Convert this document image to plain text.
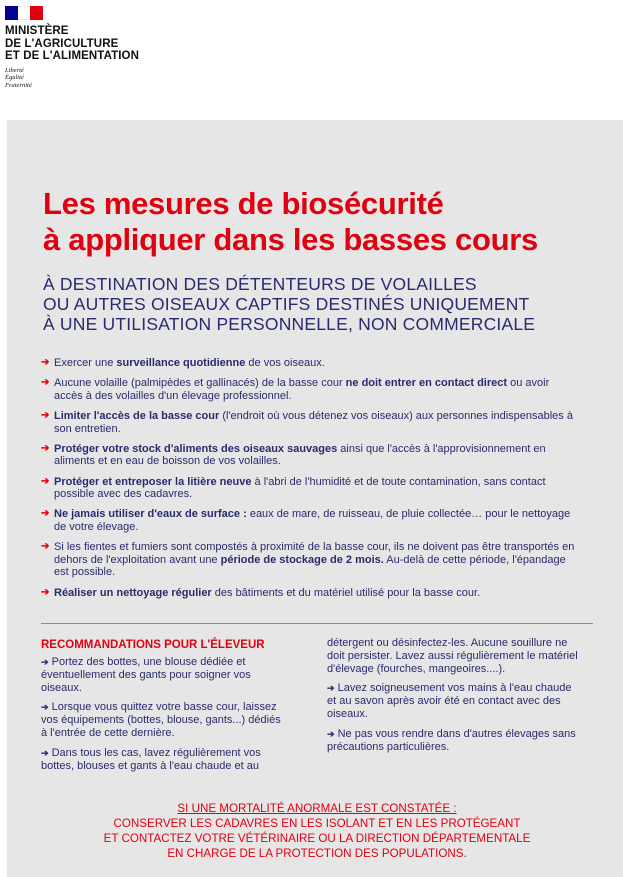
MINISTÈRE
DE L'AGRICULTURE
ET DE L'ALIMENTATION
Liberté
Égalité
Fraternité
Les mesures de biosécurité
à appliquer dans les basses cours
À DESTINATION DES DÉTENTEURS DE VOLAILLES
OU AUTRES OISEAUX CAPTIFS DESTINÉS UNIQUEMENT
À UNE UTILISATION PERSONNELLE, NON COMMERCIALE
➔ Exercer une surveillance quotidienne de vos oiseaux.
➔ Aucune volaille (palmipèdes et gallinacés) de la basse cour ne doit entrer en contact direct ou avoir accès à des volailles d'un élevage professionnel.
➔ Limiter l'accès de la basse cour (l'endroit où vous détenez vos oiseaux) aux personnes indispensables à son entretien.
➔ Protéger votre stock d'aliments des oiseaux sauvages ainsi que l'accès à l'approvisionnement en aliments et en eau de boisson de vos volailles.
➔ Protéger et entreposer la litière neuve à l'abri de l'humidité et de toute contamination, sans contact possible avec des cadavres.
➔ Ne jamais utiliser d'eaux de surface : eaux de mare, de ruisseau, de pluie collectée… pour le nettoyage de votre élevage.
➔ Si les fientes et fumiers sont compostés à proximité de la basse cour, ils ne doivent pas être transportés en dehors de l'exploitation avant une période de stockage de 2 mois. Au-delà de cette période, l'épandage est possible.
➔ Réaliser un nettoyage régulier des bâtiments et du matériel utilisé pour la basse cour.
RECOMMANDATIONS POUR L'ÉLEVEUR

➔ Portez des bottes, une blouse dédiée et éventuellement des gants pour soigner vos oiseaux.

➔ Lorsque vous quittez votre basse cour, laissez vos équipements (bottes, blouse, gants...) dédiés à l'entrée de cette dernière.

➔ Dans tous les cas, lavez régulièrement vos bottes, blouses et gants à l'eau chaude et au

détergent ou désinfectez-les. Aucune souillure ne doit persister. Lavez aussi régulièrement le matériel d'élevage (fourches, mangeoires....).

➔ Lavez soigneusement vos mains à l'eau chaude et au savon après avoir été en contact avec des oiseaux.

➔ Ne pas vous rendre dans d'autres élevages sans précautions particulières.

SI UNE MORTALITÉ ANORMALE EST CONSTATÉE :
CONSERVER LES CADAVRES EN LES ISOLANT ET EN LES PROTÉGEANT
ET CONTACTEZ VOTRE VÉTÉRINAIRE OU LA DIRECTION DÉPARTEMENTALE
EN CHARGE DE LA PROTECTION DES POPULATIONS.
